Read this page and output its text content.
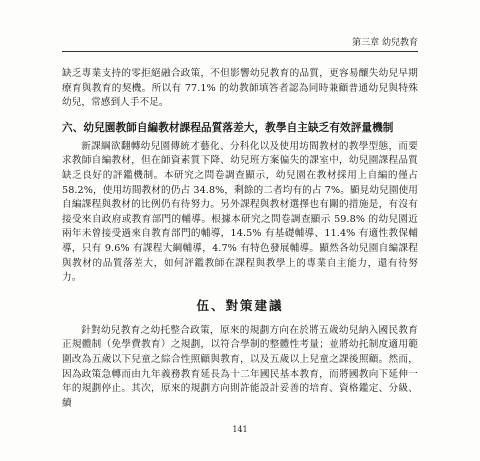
第三章 幼兒教育

缺乏專業支持的零拒絕融合政策，不但影響幼兒教育的品質，更容易釀失幼兒早期療育與教育的契機。所以有 77.1% 的幼教師填答者認為同時兼顧普通幼兒與特殊幼兒，常感到人手不足。

六、幼兒園教師自編教材課程品質落差大，教學自主缺乏有效評量機制

新課綱欲翻轉幼兒園傳統才藝化、分科化以及使用坊間教材的教學型態，而要求教師自編教材，但在師資素質下降、幼兒班方案偏失的課室中，幼兒園課程品質缺乏良好的評鑑機制。本研究之問卷調查顯示，幼兒園在教材採用上自編的僅占 58.2%，使用坊間教材的仍占 34.8%，剩餘的二者均有的占 7%。顯見幼兒園使用自編課程與教材的比例仍有待努力。另外課程與教材選擇也有關的措施是，有沒有接受來自政府或教育部門的輔導。根據本研究之問卷調查顯示 59.8% 的幼兒園近兩年未曾接受過來自教育部門的輔導，14.5% 有基礎輔導、11.4% 有適性教保輔導，只有 9.6% 有課程大綱輔導，4.7% 有特色發展輔導。顯然各幼兒園自編課程與教材的品質落差大，如何評鑑教師在課程與教學上的專業自主能力，還有待努力。

伍、對策建議

針對幼兒教育之幼托整合政策，原來的規劃方向在於將五歲幼兒納入國民教育正規體制（免學費教育）之規劃，以符合學制的整體性考量；並將幼托制度適用範圍改為五歲以下兒童之綜合性照顧與教育，以及五歲以上兒童之課後照顧。然而，因為政策急轉而由九年義務教育延長為十二年國民基本教育，而將國教向下延伸一年的規劃停止。其次，原來的規劃方向則許能設計妥善的培育、資格鑑定、分級、續

141
